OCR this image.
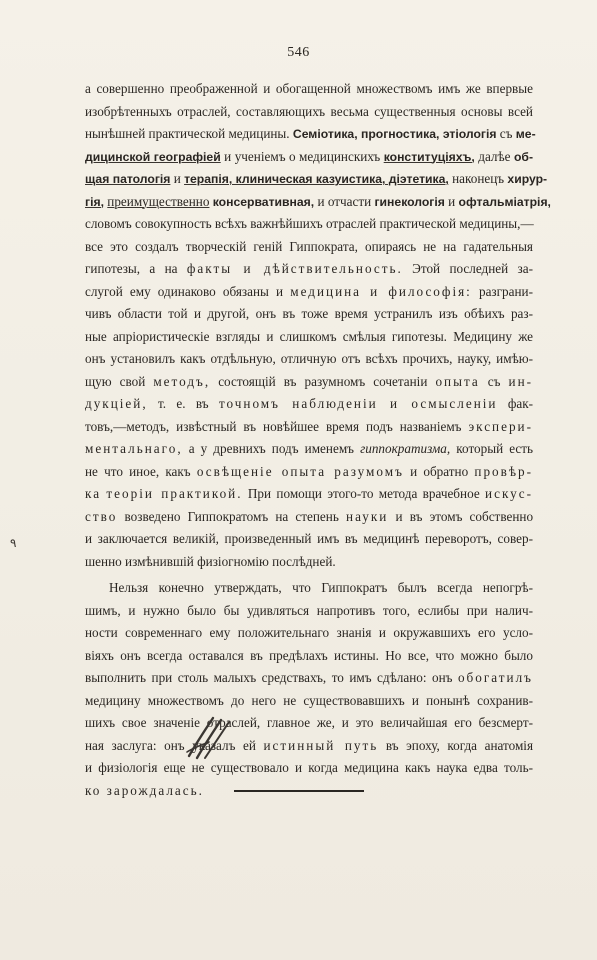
546
٩
а совершенно преображенной и обогащенной множествомъ имъ же впервые
изобрѣтенныхъ отраслей, составляющихъ весьма существенныя основы всей
нынѣшней практической медицины. Семіотика, прогностика, этіологія съ ме-
дицинской географіей и ученіемъ о медицинскихъ конституціяхъ, далѣе об-
щая патологія и терапія, клиническая казуистика, діэтетика, наконецъ хирур-
гія, преимущественно консервативная, и отчасти гинекологія и офтальміатрія,
словомъ совокупность всѣхъ важнѣйшихъ отраслей практической медицины,—
все это создалъ творческій геній Гиппократа, опираясь не на гадательныя
гипотезы, а на факты и дѣйствительность. Этой последней за-
слугой ему одинаково обязаны и медицина и философія: разграни-
чивъ области той и другой, онъ въ тоже время устранилъ изъ обѣихъ раз-
ные апріористическіе взгляды и слишкомъ смѣлыя гипотезы. Медицину же
онъ установилъ какъ отдѣльную, отличную отъ всѣхъ прочихъ, науку, имѣю-
щую свой методъ, состоящій въ разумномъ сочетаніи опыта съ ин-
дукціей, т. е. въ точномъ наблюденіи и осмысленіи фак-
товъ,—методъ, извѣстный въ новѣйшее время подъ названіемъ экспери-
ментальнаго, а у древнихъ подъ именемъ гиппократизма, который есть
не что иное, какъ освѣщеніе опыта разумомъ и обратно провѣр-
ка теоріи практикой. При помощи этого-то метода врачебное искус-
ство возведено Гиппократомъ на степень науки и въ этомъ собственно
и заключается великій, произведенный имъ въ медицинѣ переворотъ, совер-
шенно измѣнившій физіогномію послѣдней.
Нельзя конечно утверждать, что Гиппократъ былъ всегда непогрѣ-
шимъ, и нужно было бы удивляться напротивъ того, еслибы при налич-
ности современнаго ему положительнаго знанія и окружавшихъ его усло-
віяхъ онъ всегда оставался въ предѣлахъ истины. Но все, что можно было
выполнить при столь малыхъ средствахъ, то имъ сдѣлано: онъ обогатилъ
медицину множествомъ до него не существовавшихъ и понынѣ сохранив-
шихъ свое значеніе отраслей, главное же, и это величайшая его безсмерт-
ная заслуга: онъ указалъ ей истинный путь въ эпоху, когда анатомія
и физіологія еще не существовало и когда медицина какъ наука едва толь-
ко зарождалась.
